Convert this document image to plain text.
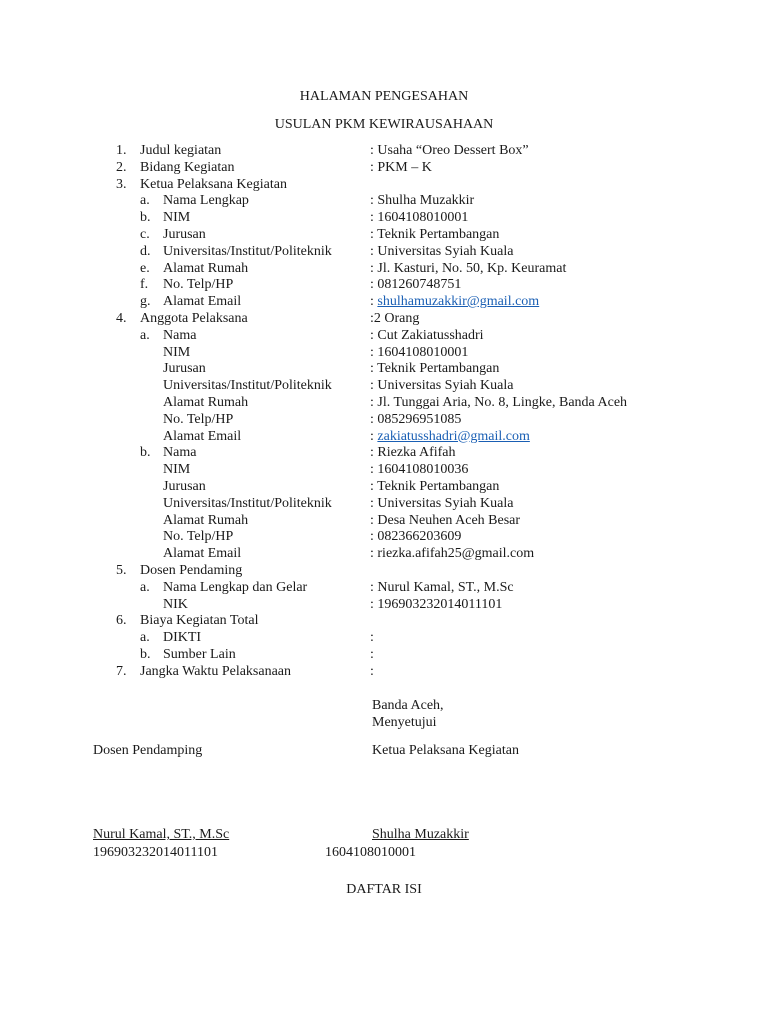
HALAMAN PENGESAHAN
USULAN PKM KEWIRAUSAHAAN
1. Judul kegiatan	: Usaha “Oreo Dessert Box”
2. Bidang Kegiatan	: PKM – K
3. Ketua Pelaksana Kegiatan
a. Nama Lengkap	: Shulha Muzakkir
b. NIM	: 1604108010001
c. Jurusan	: Teknik Pertambangan
d. Universitas/Institut/Politeknik	: Universitas Syiah Kuala
e. Alamat Rumah	: Jl. Kasturi, No. 50, Kp. Keuramat
f. No. Telp/HP	: 081260748751
g. Alamat Email	: shulhamuzakkir@gmail.com
4. Anggota Pelaksana	:2 Orang
a. Nama	: Cut Zakiatusshadri
NIM	: 1604108010001
Jurusan	: Teknik Pertambangan
Universitas/Institut/Politeknik	: Universitas Syiah Kuala
Alamat Rumah	: Jl. Tunggai Aria, No. 8, Lingke, Banda Aceh
No. Telp/HP	: 085296951085
Alamat Email	: zakiatusshadri@gmail.com
b. Nama	: Riezka Afifah
NIM	: 1604108010036
Jurusan	: Teknik Pertambangan
Universitas/Institut/Politeknik	: Universitas Syiah Kuala
Alamat Rumah	: Desa Neuhen Aceh Besar
No. Telp/HP	: 082366203609
Alamat Email	: riezka.afifah25@gmail.com
5. Dosen Pendaming
a. Nama Lengkap dan Gelar	: Nurul Kamal, ST., M.Sc
NIK	: 196903232014011101
6. Biaya Kegiatan Total
a. DIKTI	:
b. Sumber Lain	:
7. Jangka Waktu Pelaksanaan	:
Banda Aceh,
Menyetujui
Dosen Pendamping	Ketua Pelaksana Kegiatan
Nurul Kamal, ST., M.Sc	Shulha Muzakkir
196903232014011101	1604108010001
DAFTAR ISI
